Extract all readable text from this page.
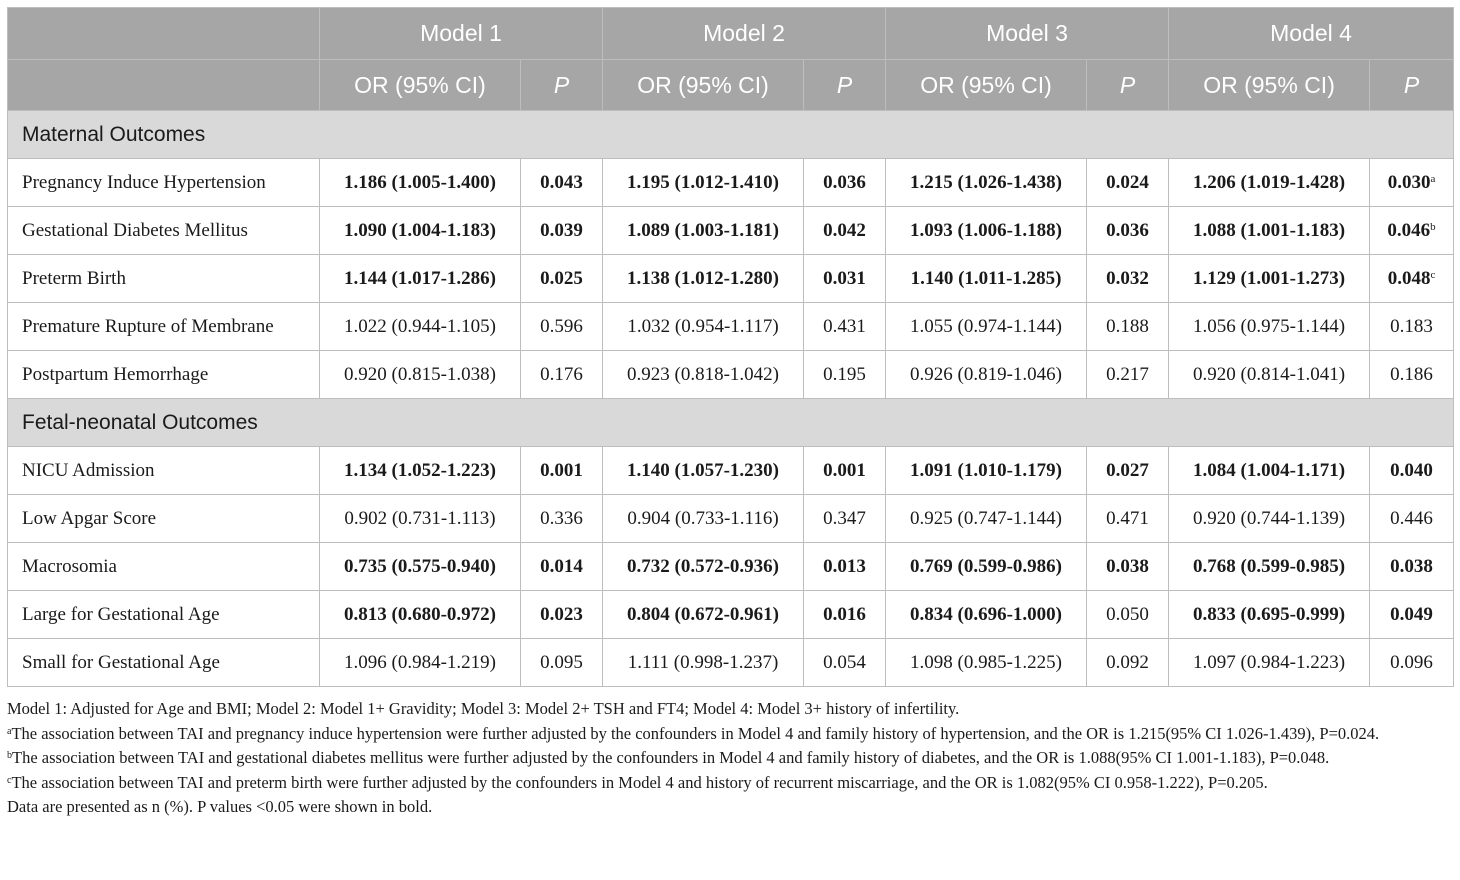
	Model 1		Model 2		Model 3		Model 4	
	OR (95% CI)	P	OR (95% CI)	P	OR (95% CI)	P	OR (95% CI)	P
Maternal Outcomes								
Pregnancy Induce Hypertension	1.186 (1.005-1.400)	0.043	1.195 (1.012-1.410)	0.036	1.215 (1.026-1.438)	0.024	1.206 (1.019-1.428)	0.030$^a$
Gestational Diabetes Mellitus	1.090 (1.004-1.183)	0.039	1.089 (1.003-1.181)	0.042	1.093 (1.006-1.188)	0.036	1.088 (1.001-1.183)	0.046$^b$
Preterm Birth	1.144 (1.017-1.286)	0.025	1.138 (1.012-1.280)	0.031	1.140 (1.011-1.285)	0.032	1.129 (1.001-1.273)	0.048$^c$
Premature Rupture of Membrane	1.022 (0.944-1.105)	0.596	1.032 (0.954-1.117)	0.431	1.055 (0.974-1.144)	0.188	1.056 (0.975-1.144)	0.183
Postpartum Hemorrhage	0.920 (0.815-1.038)	0.176	0.923 (0.818-1.042)	0.195	0.926 (0.819-1.046)	0.217	0.920 (0.814-1.041)	0.186
Fetal-neonatal Outcomes								
NICU Admission	1.134 (1.052-1.223)	0.001	1.140 (1.057-1.230)	0.001	1.091 (1.010-1.179)	0.027	1.084 (1.004-1.171)	0.040
Low Apgar Score	0.902 (0.731-1.113)	0.336	0.904 (0.733-1.116)	0.347	0.925 (0.747-1.144)	0.471	0.920 (0.744-1.139)	0.446
Macrosomia	0.735 (0.575-0.940)	0.014	0.732 (0.572-0.936)	0.013	0.769 (0.599-0.986)	0.038	0.768 (0.599-0.985)	0.038
Large for Gestational Age	0.813 (0.680-0.972)	0.023	0.804 (0.672-0.961)	0.016	0.834 (0.696-1.000)	0.050	0.833 (0.695-0.999)	0.049
Small for Gestational Age	1.096 (0.984-1.219)	0.095	1.111 (0.998-1.237)	0.054	1.098 (0.985-1.225)	0.092	1.097 (0.984-1.223)	0.096

Model 1: Adjusted for Age and BMI; Model 2: Model 1+ Gravidity; Model 3: Model 2+ TSH and FT4; Model 4: Model 3+ history of infertility.

$^a$The association between TAI and pregnancy induce hypertension were further adjusted by the confounders in Model 4 and family history of hypertension, and the OR is 1.215(95% CI 1.026-1.439), P=0.024.

$^b$The association between TAI and gestational diabetes mellitus were further adjusted by the confounders in Model 4 and family history of diabetes, and the OR is 1.088(95% CI 1.001-1.183), P=0.048.

$^c$The association between TAI and preterm birth were further adjusted by the confounders in Model 4 and history of recurrent miscarriage, and the OR is 1.082(95% CI 0.958-1.222), P=0.205.

Data are presented as n (%). P values <0.05 were shown in bold.
